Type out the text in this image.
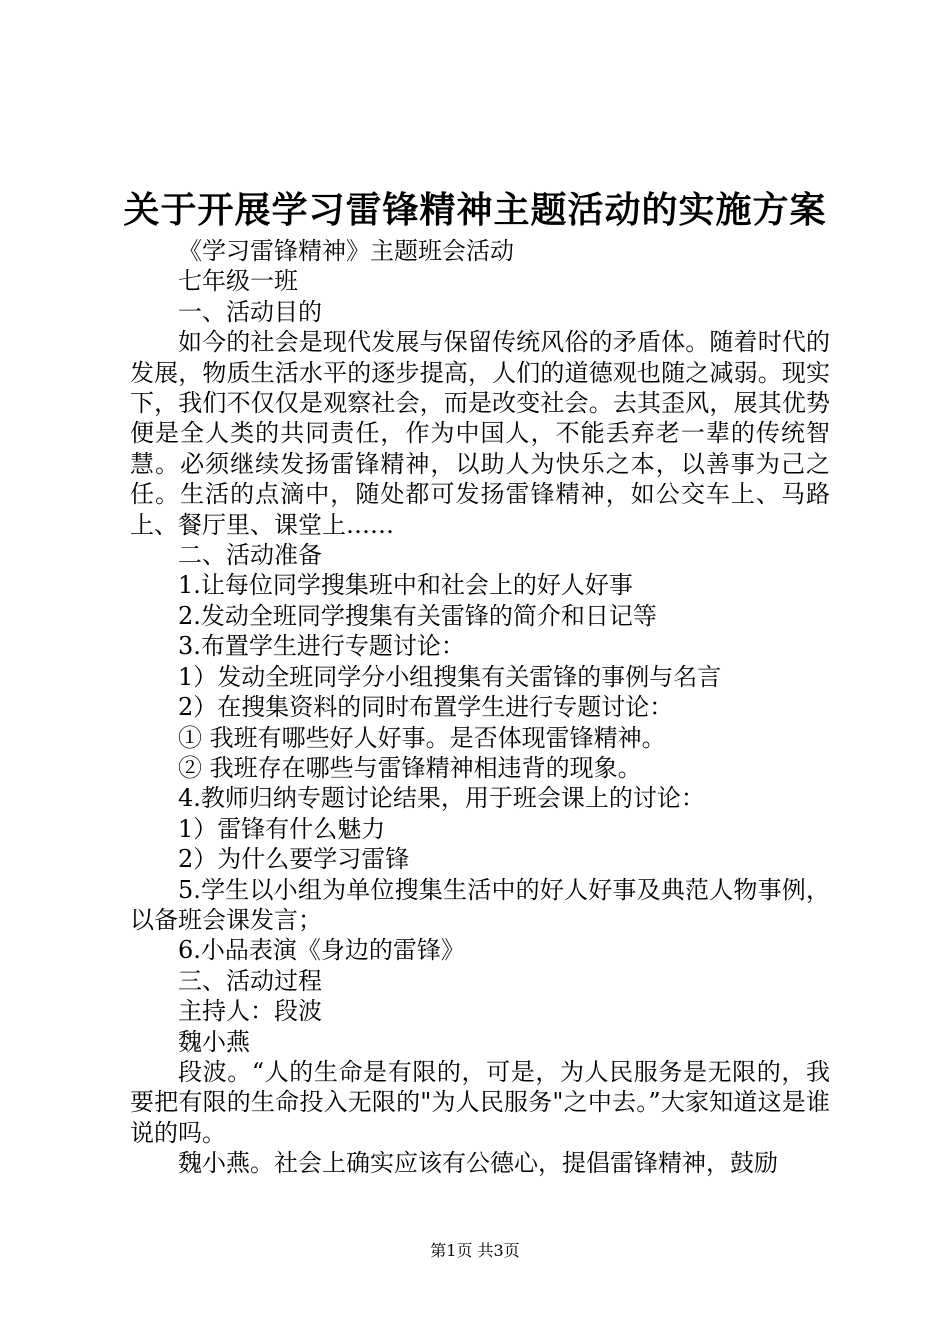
关于开展学习雷锋精神主题活动的实施方案

《学习雷锋精神》主题班会活动

七年级一班

一、活动目的

如今的社会是现代发展与保留传统风俗的矛盾体。随着时代的发展，物质生活水平的逐步提高，人们的道德观也随之减弱。现实下，我们不仅仅是观察社会，而是改变社会。去其歪风，展其优势便是全人类的共同责任，作为中国人，不能丢弃老一辈的传统智慧。必须继续发扬雷锋精神，以助人为快乐之本，以善事为己之任。生活的点滴中，随处都可发扬雷锋精神，如公交车上、马路上、餐厅里、课堂上……

二、活动准备

1.让每位同学搜集班中和社会上的好人好事

2.发动全班同学搜集有关雷锋的简介和日记等

3.布置学生进行专题讨论：

1）发动全班同学分小组搜集有关雷锋的事例与名言

2）在搜集资料的同时布置学生进行专题讨论：

① 我班有哪些好人好事。是否体现雷锋精神。

② 我班存在哪些与雷锋精神相违背的现象。

4.教师归纳专题讨论结果，用于班会课上的讨论：

1）雷锋有什么魅力

2）为什么要学习雷锋

5.学生以小组为单位搜集生活中的好人好事及典范人物事例，以备班会课发言；

6.小品表演《身边的雷锋》

三、活动过程

主持人：段波

魏小燕

段波。“人的生命是有限的，可是，为人民服务是无限的，我要把有限的生命投入无限的"为人民服务"之中去。”大家知道这是谁说的吗。

魏小燕。社会上确实应该有公德心，提倡雷锋精神，鼓励

第1页 共3页
